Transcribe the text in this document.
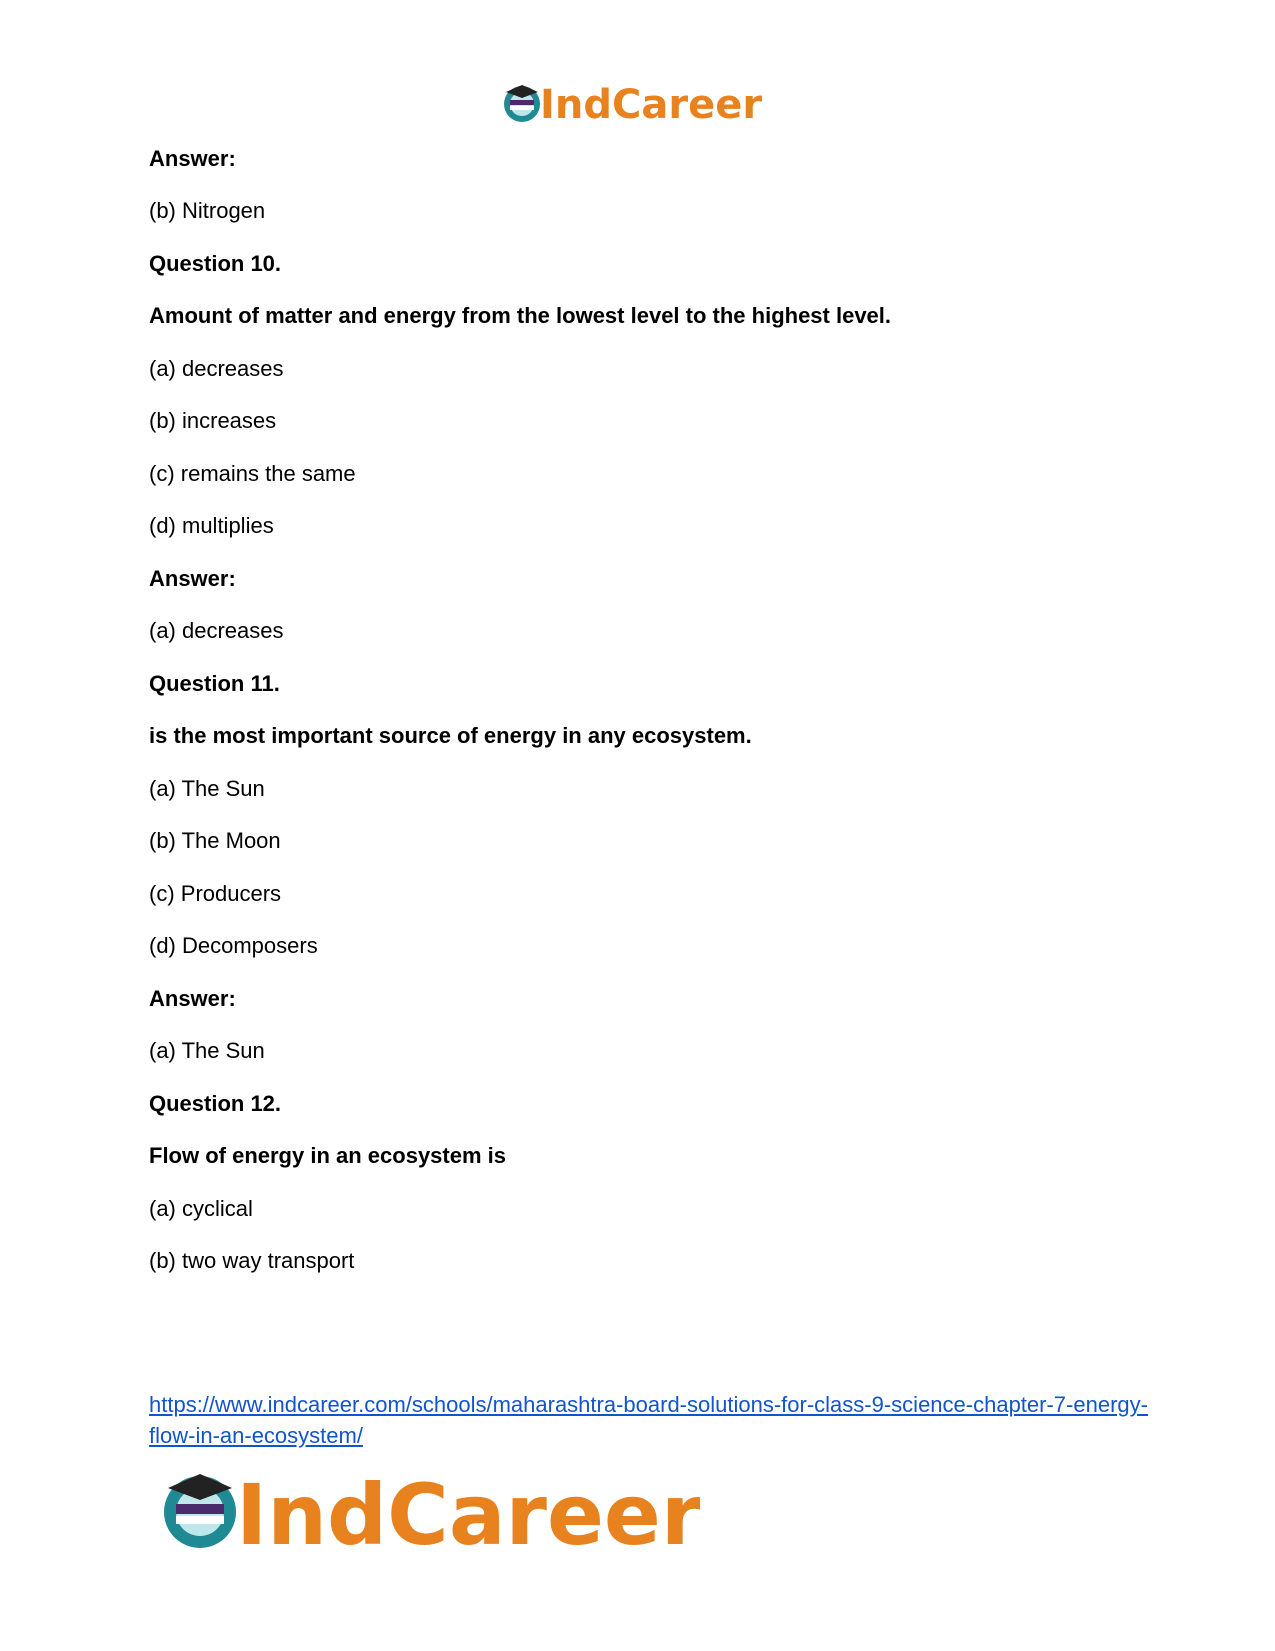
IndCareer
Answer:
(b) Nitrogen
Question 10.
Amount of matter and energy from the lowest level to the highest level.
(a) decreases
(b) increases
(c) remains the same
(d) multiplies
Answer:
(a) decreases
Question 11.
is the most important source of energy in any ecosystem.
(a) The Sun
(b) The Moon
(c) Producers
(d) Decomposers
Answer:
(a) The Sun
Question 12.
Flow of energy in an ecosystem is
(a) cyclical
(b) two way transport
https://www.indcareer.com/schools/maharashtra-board-solutions-for-class-9-science-chapter-7-energy-flow-in-an-ecosystem/
IndCareer
